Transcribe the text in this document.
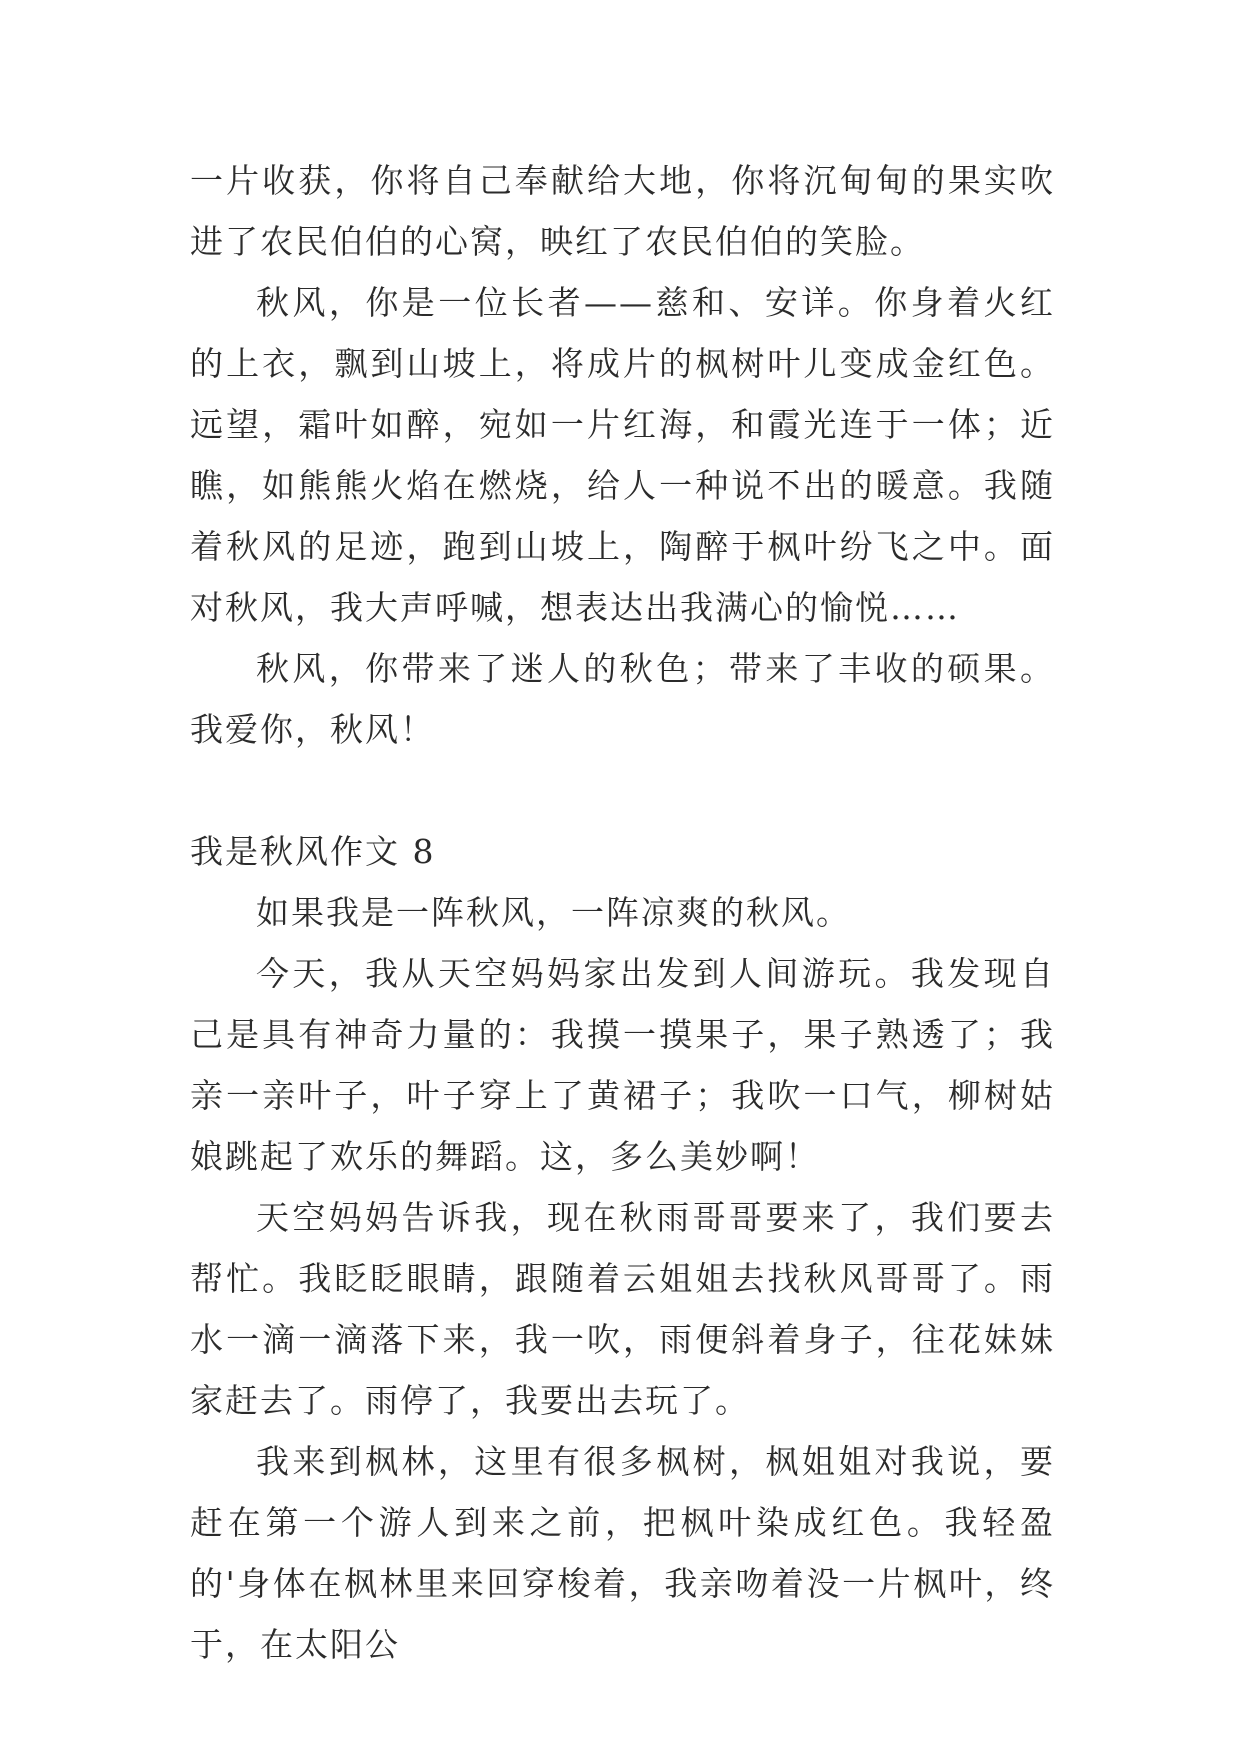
一片收获，你将自己奉献给大地，你将沉甸甸的果实吹进了农民伯伯的心窝，映红了农民伯伯的笑脸。

秋风，你是一位长者——慈和、安详。你身着火红的上衣，飘到山坡上，将成片的枫树叶儿变成金红色。远望，霜叶如醉，宛如一片红海，和霞光连于一体；近瞧，如熊熊火焰在燃烧，给人一种说不出的暖意。我随着秋风的足迹，跑到山坡上，陶醉于枫叶纷飞之中。面对秋风，我大声呼喊，想表达出我满心的愉悦……

秋风，你带来了迷人的秋色；带来了丰收的硕果。我爱你，秋风！

我是秋风作文 8

如果我是一阵秋风，一阵凉爽的秋风。

今天，我从天空妈妈家出发到人间游玩。我发现自己是具有神奇力量的：我摸一摸果子，果子熟透了；我亲一亲叶子，叶子穿上了黄裙子；我吹一口气，柳树姑娘跳起了欢乐的舞蹈。这，多么美妙啊！

天空妈妈告诉我，现在秋雨哥哥要来了，我们要去帮忙。我眨眨眼睛，跟随着云姐姐去找秋风哥哥了。雨水一滴一滴落下来，我一吹，雨便斜着身子，往花妹妹家赶去了。雨停了，我要出去玩了。

我来到枫林，这里有很多枫树，枫姐姐对我说，要赶在第一个游人到来之前，把枫叶染成红色。我轻盈的'身体在枫林里来回穿梭着，我亲吻着没一片枫叶，终于，在太阳公
